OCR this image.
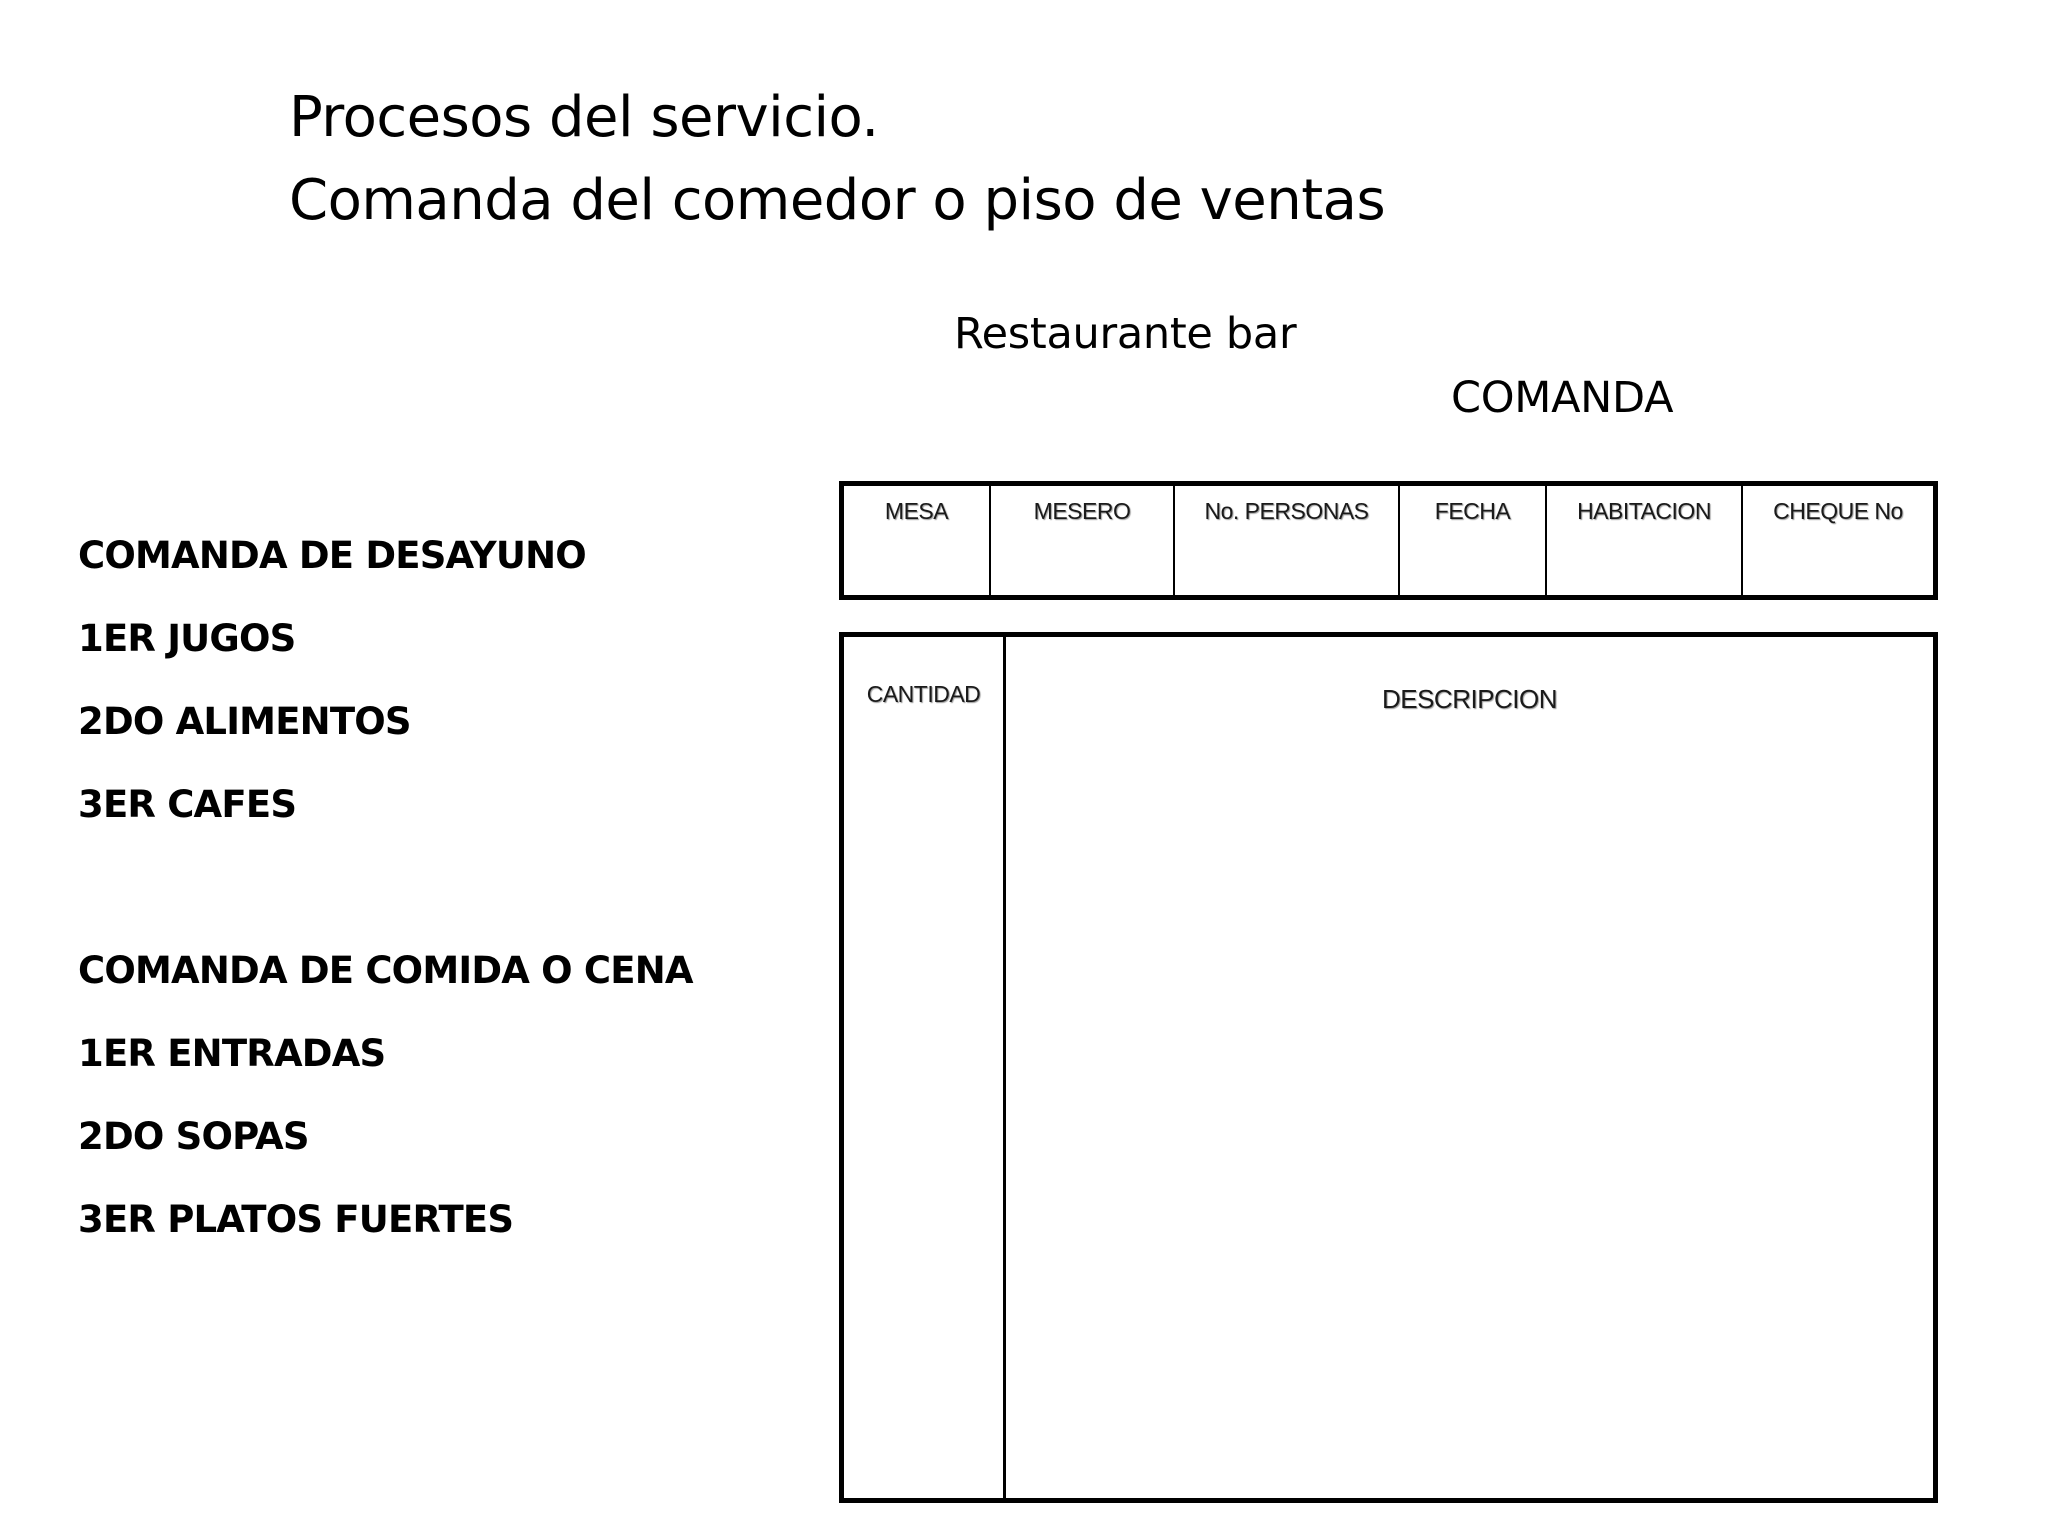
Procesos del servicio.
Comanda del comedor o piso de ventas
Restaurante bar
COMANDA
COMANDA DE DESAYUNO
1ER JUGOS
2DO ALIMENTOS
3ER CAFES
COMANDA DE COMIDA O CENA
1ER ENTRADAS
2DO SOPAS
3ER PLATOS FUERTES
MESA	MESERO	No. PERSONAS	FECHA	HABITACION	CHEQUE No
CANTIDAD	DESCRIPCION
